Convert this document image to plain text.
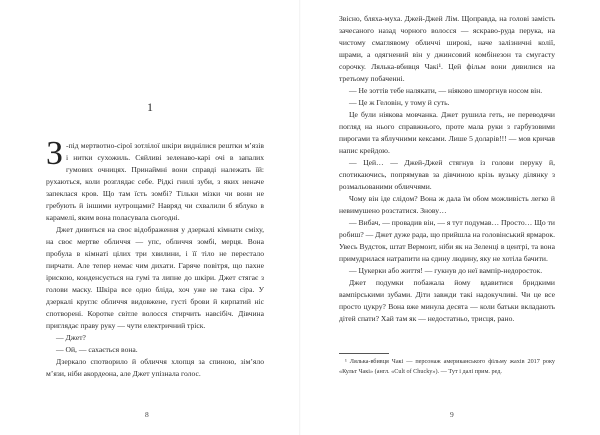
1

З -під мертвотно-сірої зотлілої шкіри виднілися рештки м’язів і нитки сухожиль. Сяйливі зеленаво-карі очі в запалих гумових очницях. Принаймні вони справді належать їй: рухаються, коли розглядає себе. Рідкі гнилі зуби, з яких неначе запеклася кров. Що там їсть зомбі? Тільки мізки чи вони не гребують й іншими нутрощами? Навряд чи схвалили б яблуко в карамелі, яким вона поласувала сьогодні.

Джет дивиться на своє відображення у дзеркалі кімнати сміху, на своє мертве обличчя — упс, обличчя зомбі, мерця. Вона пробула в кімнаті цілих три хвилини, і її тіло не перестало пирчати. Але тепер немає чим дихати. Гаряче повітря, що пахне ірискою, конденсується на гумі та липне до шкіри. Джет стягає з голови маску. Шкіра все одно бліда, хоч уже не така сіра. У дзеркалі круглє обличчя видовжене, густі брови й кирпатий ніс спотворені. Коротке світле волосся стирчить навсібіч. Дівчина приглядає праву руку — чути електричний тріск.

— Джет?

— Ой, — сахається вона.

Дзеркало спотворило й обличчя хлопця за спиною, зім’яло м’язи, ніби акордеона, але Джет упізнала голос.

8

Звісно, бляха-муха. Джей-Джей Лім. Щоправда, на голові замість зачесаного назад чорного волосся — яскраво-руда перука, на чистому смаглявому обличчі широкі, наче залізничні колії, шрами, а одягнений він у джинсовий комбінезон та смугасту сорочку. Лялька-вбивця Чакі¹. Цей фільм вони дивилися на третьому побаченні.

— Не зоттів тебе налякати, — ніяково шморгнув носом він.

— Це ж Геловін, у тому й суть.

Це були ніякова мовчанка. Джет рушила геть, не переводячи погляд на нього справжнього, проте мала руки з гарбузовими пирогами та яблучними кексами. Лише 5 доларів!!! — мов кричав напис крейдою.

— Цей… — Джей-Джей стягнув із голови перуку й, спотикаючись, попрямував за дівчиною крізь вузьку ділянку з розмальованими обличчями.

Чому він іде слідом? Вона ж дала їм обом можливість легко й невимушено розстатися. Знову…

— Вибач, — провадив він, — я тут подумав… Просто… Що ти робиш? — Джет дуже рада, що прийшла на головінський ярмарок. Увесь Вудсток, штат Вермонт, ніби як на Зеленці в центрі, та вона примудрилася натрапити на єдину людину, яку не хотіла бачити.

— Цукерки або життя! — гукнув до неї вампір-недоросток.

Джет подумки побажала йому вдавитися бридкими вампірськими зубами. Діти завжди такі надокучливі. Чи це все просто цукру? Вона вже минула десята — коли батьки вкладають дітей спати? Хай там як — недостатньо, трисця, рано.

¹ Лялька-вбивця Чакі — персонаж американського фільму жахів 2017 року «Культ Чакі» (англ. «Cult of Chucky»). — Тут і далі прим. ред.

9
